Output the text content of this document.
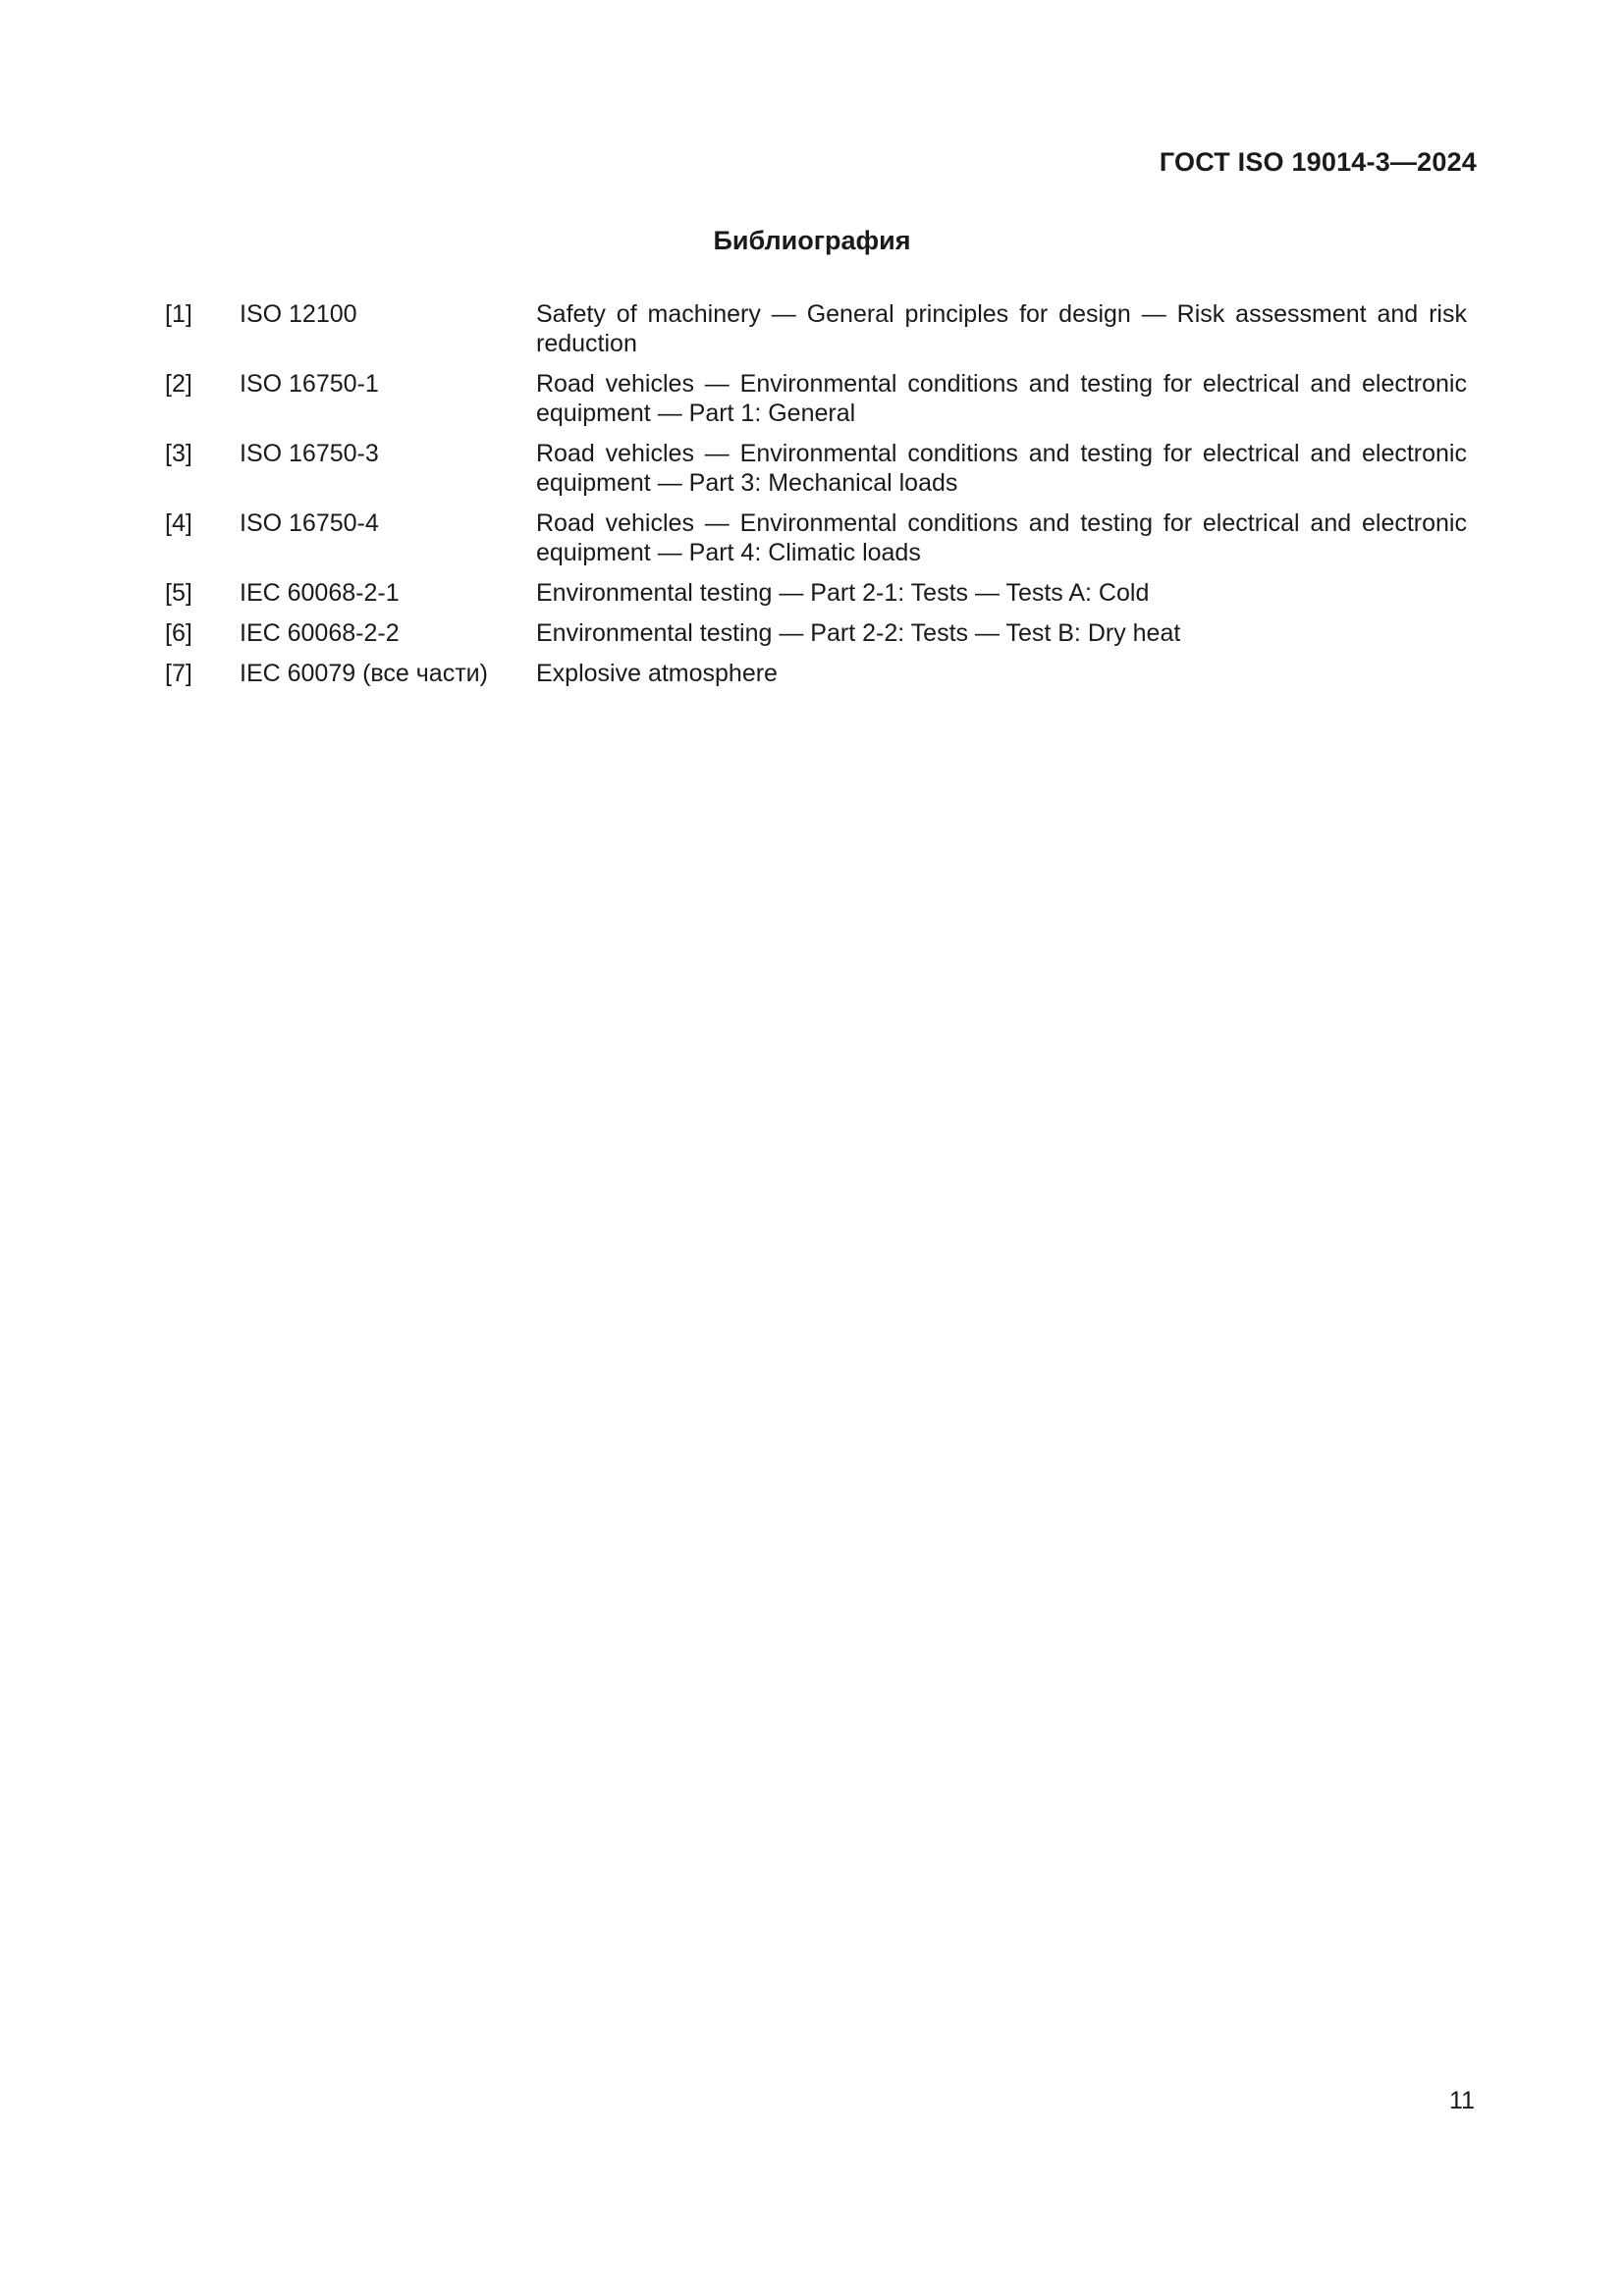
ГОСТ ISO 19014-3—2024
Библиография
[1]	ISO 12100	Safety of machinery — General principles for design — Risk assessment and risk reduction
[2]	ISO 16750-1	Road vehicles — Environmental conditions and testing for electrical and electronic equipment — Part 1: General
[3]	ISO 16750-3	Road vehicles — Environmental conditions and testing for electrical and electronic equipment — Part 3: Mechanical loads
[4]	ISO 16750-4	Road vehicles — Environmental conditions and testing for electrical and electronic equipment — Part 4: Climatic loads
[5]	IEC 60068-2-1	Environmental testing — Part 2-1: Tests — Tests A: Cold
[6]	IEC 60068-2-2	Environmental testing — Part 2-2: Tests — Test B: Dry heat
[7]	IEC 60079 (все части)	Explosive atmosphere
11
